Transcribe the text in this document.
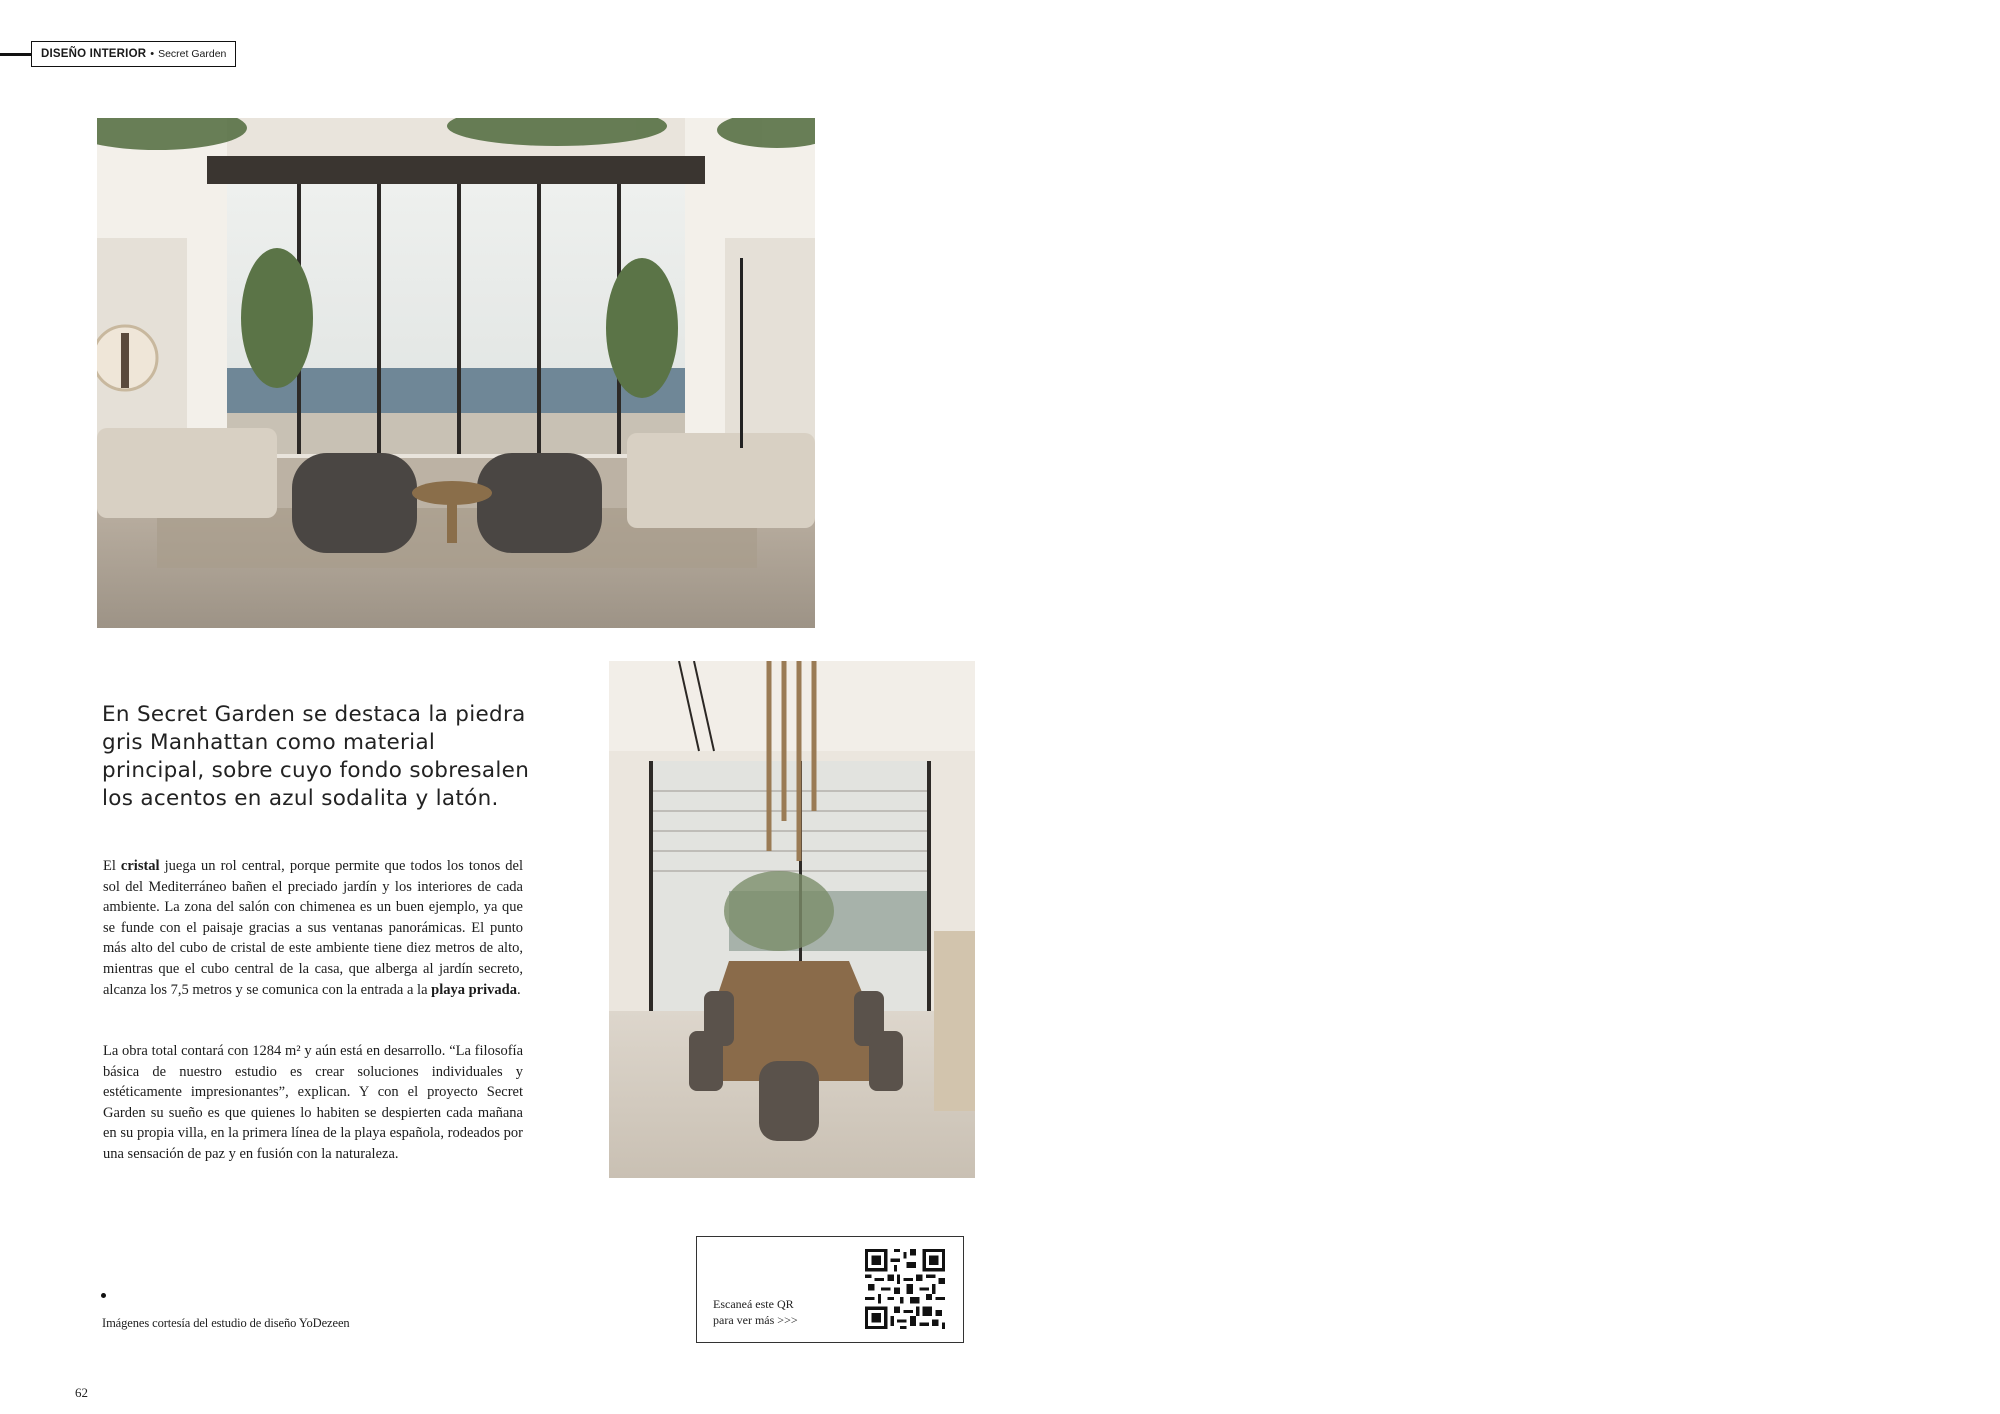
DISEÑO INTERIOR • Secret Garden

En Secret Garden se destaca la piedra gris Manhattan como material principal, sobre cuyo fondo sobresalen los acentos en azul sodalita y latón.

El cristal juega un rol central, porque permite que todos los tonos del sol del Mediterráneo bañen el preciado jardín y los interiores de cada ambiente. La zona del salón con chimenea es un buen ejemplo, ya que se funde con el paisaje gracias a sus ventanas panorámicas. El punto más alto del cubo de cristal de este ambiente tiene diez metros de alto, mientras que el cubo central de la casa, que alberga al jardín secreto, alcanza los 7,5 metros y se comunica con la entrada a la playa privada.

La obra total contará con 1284 m² y aún está en desarrollo. “La filosofía básica de nuestro estudio es crear soluciones individuales y estéticamente impresionantes”, explican. Y con el proyecto Secret Garden su sueño es que quienes lo habiten se despierten cada mañana en su propia villa, en la primera línea de la playa española, rodeados por una sensación de paz y en fusión con la naturaleza.

Imágenes cortesía del estudio de diseño YoDezeen
Escaneá este QR
para ver más >>>
62
